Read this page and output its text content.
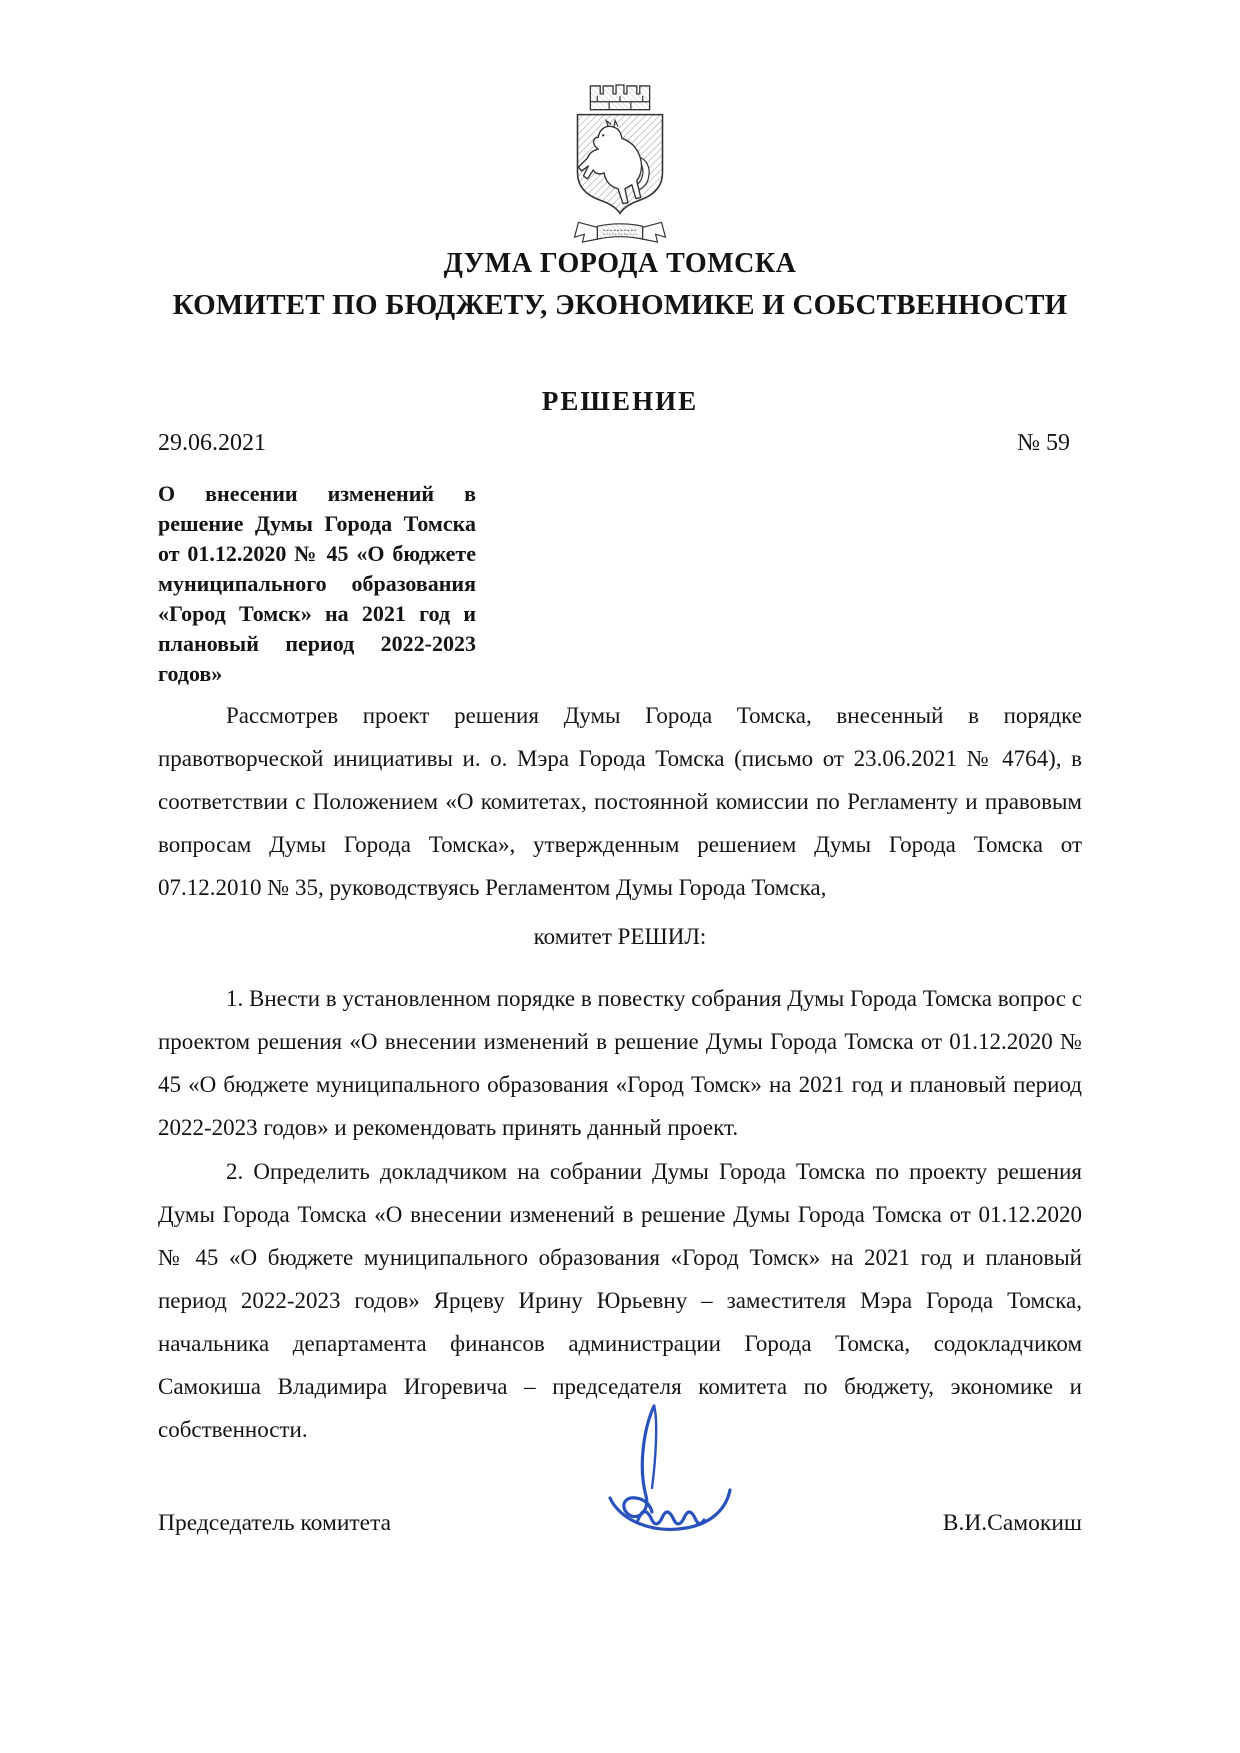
ДУМА ГОРОДА ТОМСКА
КОМИТЕТ ПО БЮДЖЕТУ, ЭКОНОМИКЕ И СОБСТВЕННОСТИ
РЕШЕНИЕ
29.06.2021	№ 59
О внесении изменений в решение Думы Города Томска от 01.12.2020 № 45 «О бюджете муниципального образования «Город Томск» на 2021 год и плановый период 2022-2023 годов»

Рассмотрев проект решения Думы Города Томска, внесенный в порядке правотворческой инициативы и. о. Мэра Города Томска (письмо от 23.06.2021 № 4764), в соответствии с Положением «О комитетах, постоянной комиссии по Регламенту и правовым вопросам Думы Города Томска», утвержденным решением Думы Города Томска от 07.12.2010 № 35, руководствуясь Регламентом Думы Города Томска,

комитет РЕШИЛ:

1. Внести в установленном порядке в повестку собрания Думы Города Томска вопрос с проектом решения «О внесении изменений в решение Думы Города Томска от 01.12.2020 № 45 «О бюджете муниципального образования «Город Томск» на 2021 год и плановый период 2022-2023 годов» и рекомендовать принять данный проект.

2. Определить докладчиком на собрании Думы Города Томска по проекту решения Думы Города Томска «О внесении изменений в решение Думы Города Томска от 01.12.2020 № 45 «О бюджете муниципального образования «Город Томск» на 2021 год и плановый период 2022-2023 годов» Ярцеву Ирину Юрьевну – заместителя Мэра Города Томска, начальника департамента финансов администрации Города Томска, содокладчиком Самокиша Владимира Игоревича – председателя комитета по бюджету, экономике и собственности.

Председатель комитета	В.И.Самокиш
